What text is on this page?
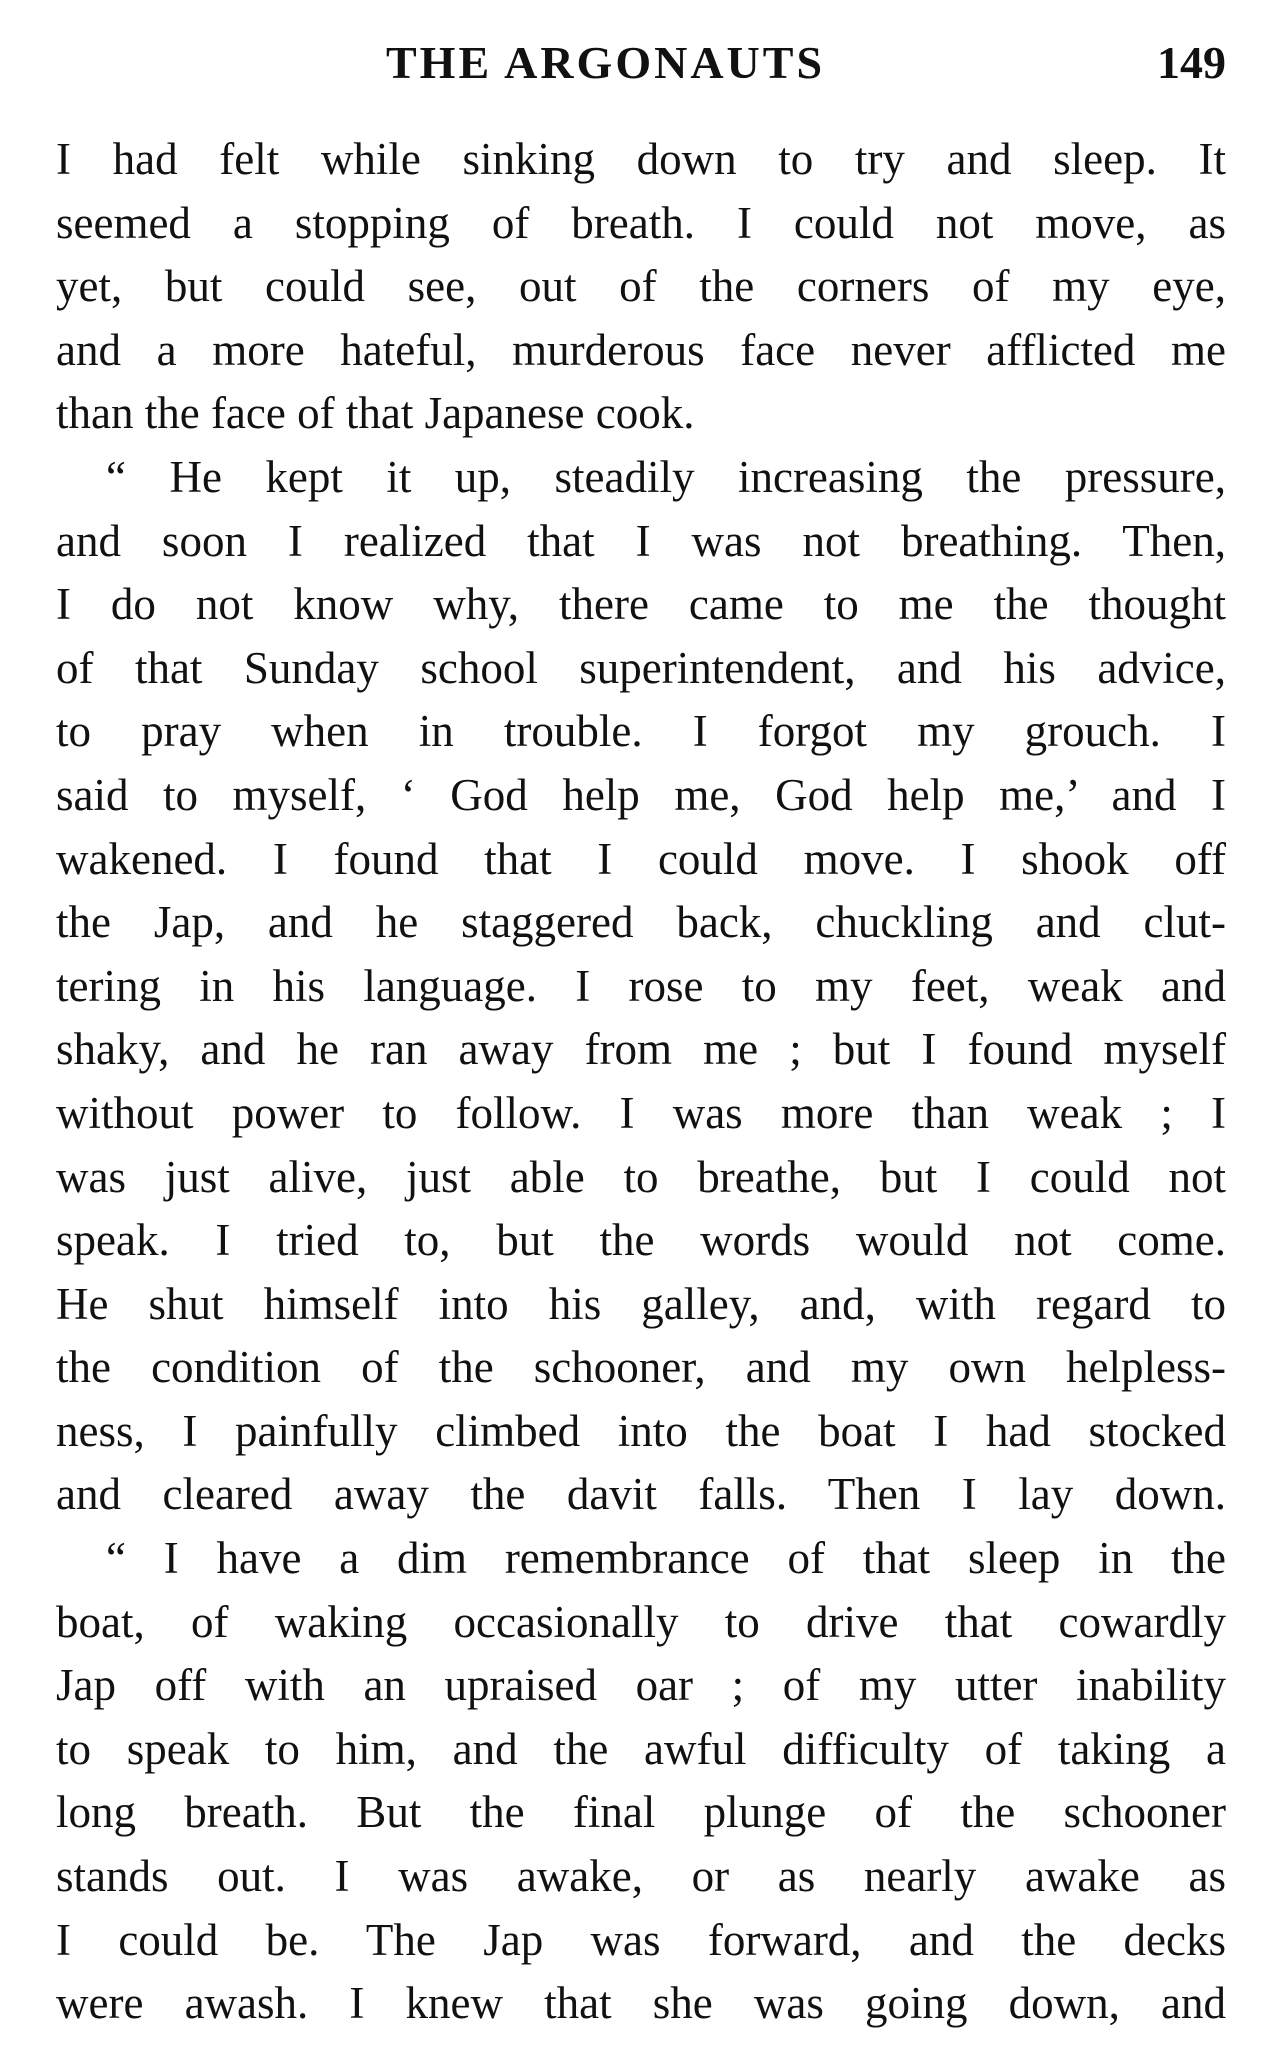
THE ARGONAUTS	149
I had felt while sinking down to try and sleep. It
seemed a stopping of breath. I could not move, as
yet, but could see, out of the corners of my eye,
and a more hateful, murderous face never afflicted me
than the face of that Japanese cook.
“ He kept it up, steadily increasing the pressure,
and soon I realized that I was not breathing. Then,
I do not know why, there came to me the thought
of that Sunday school superintendent, and his advice,
to pray when in trouble. I forgot my grouch. I
said to myself, ‘ God help me, God help me,’ and I
wakened. I found that I could move. I shook off
the Jap, and he staggered back, chuckling and clut-
tering in his language. I rose to my feet, weak and
shaky, and he ran away from me ; but I found myself
without power to follow. I was more than weak ; I
was just alive, just able to breathe, but I could not
speak. I tried to, but the words would not come.
He shut himself into his galley, and, with regard to
the condition of the schooner, and my own helpless-
ness, I painfully climbed into the boat I had stocked
and cleared away the davit falls. Then I lay down.
“ I have a dim remembrance of that sleep in the
boat, of waking occasionally to drive that cowardly
Jap off with an upraised oar ; of my utter inability
to speak to him, and the awful difficulty of taking a
long breath. But the final plunge of the schooner
stands out. I was awake, or as nearly awake as
I could be. The Jap was forward, and the decks
were awash. I knew that she was going down, and
